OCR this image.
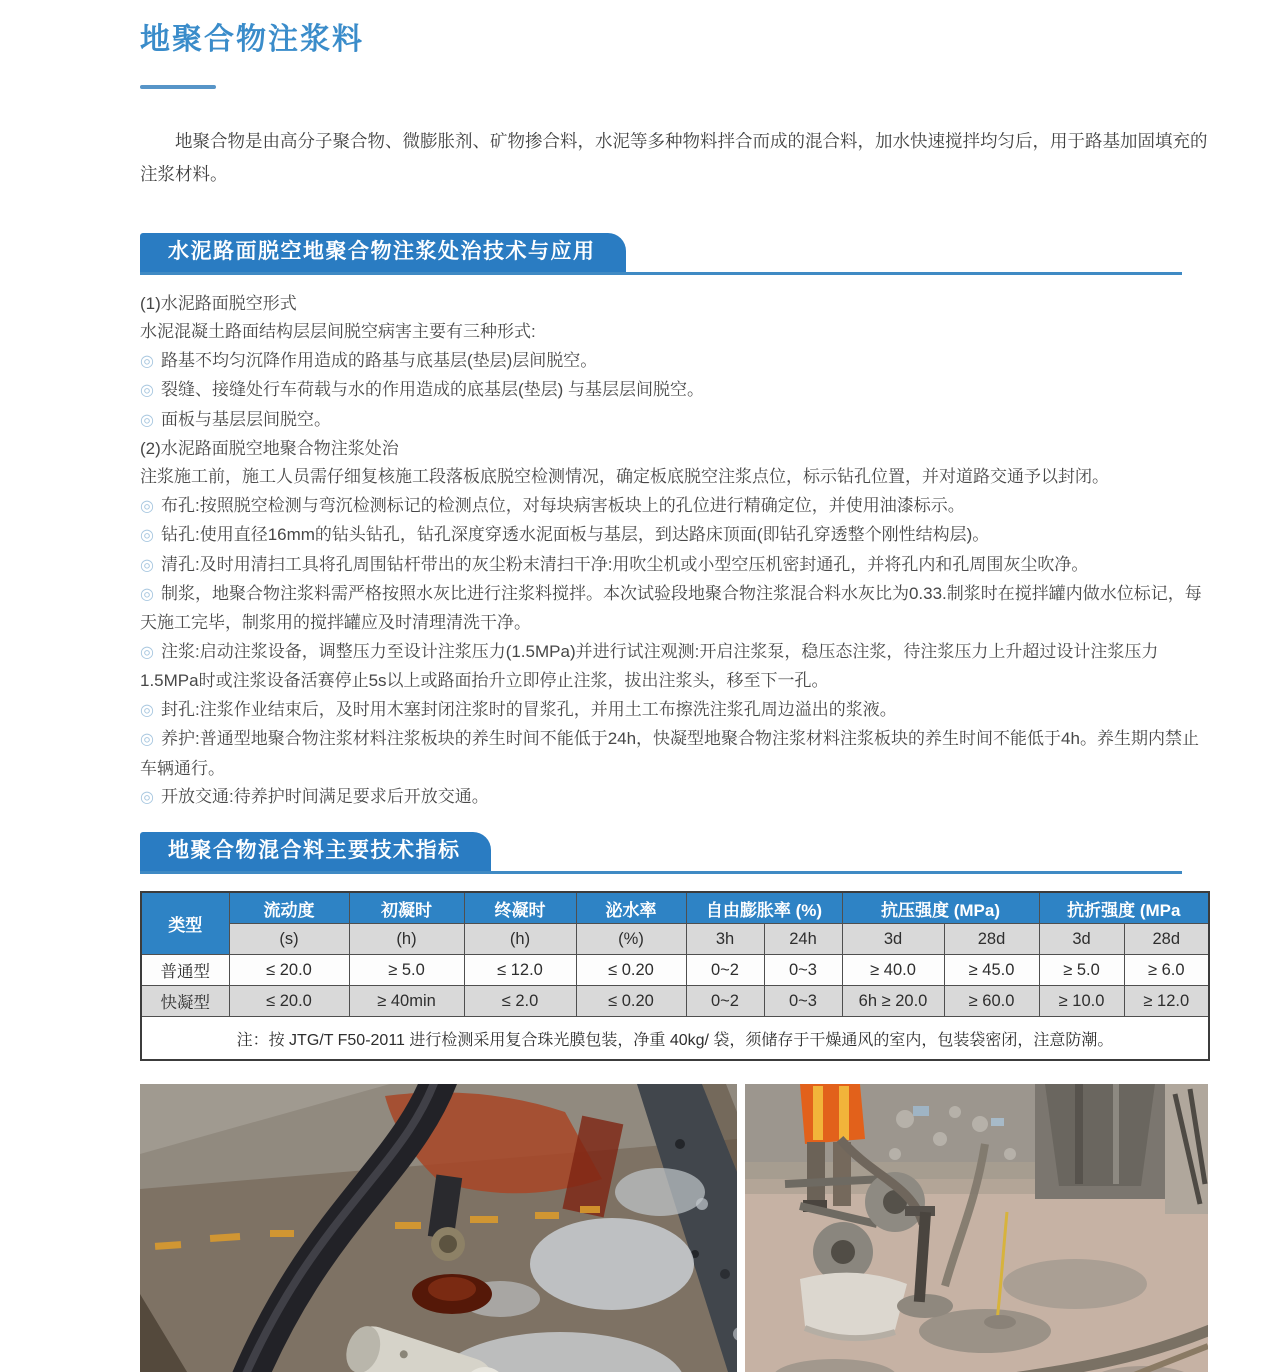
地聚合物注浆料

地聚合物是由高分子聚合物、微膨胀剂、矿物掺合料，水泥等多种物料拌合而成的混合料，加水快速搅拌均匀后，用于路基加固填充的注浆材料。

水泥路面脱空地聚合物注浆处治技术与应用

(1)水泥路面脱空形式

水泥混凝土路面结构层层间脱空病害主要有三种形式:

◎ 路基不均匀沉降作用造成的路基与底基层(垫层)层间脱空。

◎ 裂缝、接缝处行车荷载与水的作用造成的底基层(垫层) 与基层层间脱空。

◎ 面板与基层层间脱空。

(2)水泥路面脱空地聚合物注浆处治

注浆施工前，施工人员需仔细复核施工段落板底脱空检测情况，确定板底脱空注浆点位，标示钻孔位置，并对道路交通予以封闭。

◎ 布孔:按照脱空检测与弯沉检测标记的检测点位，对每块病害板块上的孔位进行精确定位，并使用油漆标示。

◎ 钻孔:使用直径16mm的钻头钻孔，钻孔深度穿透水泥面板与基层，到达路床顶面(即钻孔穿透整个刚性结构层)。

◎ 清孔:及时用清扫工具将孔周围钻杆带出的灰尘粉末清扫干净:用吹尘机或小型空压机密封通孔，并将孔内和孔周围灰尘吹净。

◎ 制浆，地聚合物注浆料需严格按照水灰比进行注浆料搅拌。本次试验段地聚合物注浆混合料水灰比为0.33.制浆时在搅拌罐内做水位标记，每天施工完毕，制浆用的搅拌罐应及时清理清洗干净。

◎ 注浆:启动注浆设备，调整压力至设计注浆压力(1.5MPa)并进行试注观测:开启注浆泵，稳压态注浆，待注浆压力上升超过设计注浆压力1.5MPa时或注浆设备活赛停止5s以上或路面抬升立即停止注浆，拔出注浆头，移至下一孔。

◎ 封孔:注浆作业结束后，及时用木塞封闭注浆时的冒浆孔，并用土工布擦洗注浆孔周边溢出的浆液。

◎ 养护:普通型地聚合物注浆材料注浆板块的养生时间不能低于24h，快凝型地聚合物注浆材料注浆板块的养生时间不能低于4h。养生期内禁止车辆通行。

◎ 开放交通:待养护时间满足要求后开放交通。

地聚合物混合料主要技术指标
类型	流动度	初凝时	终凝时	泌水率	自由膨胀率 (%)		抗压强度 (MPa)		抗折强度 (MPa	
	(s)	(h)	(h)	(%)	3h	24h	3d	28d	3d	28d
普通型	≤ 20.0	≥ 5.0	≤ 12.0	≤ 0.20	0~2	0~3	≥ 40.0	≥ 45.0	≥ 5.0	≥ 6.0
快凝型	≤ 20.0	≥ 40min	≤ 2.0	≤ 0.20	0~2	0~3	6h ≥ 20.0	≥ 60.0	≥ 10.0	≥ 12.0
注：按 JTG/T F50-2011 进行检测采用复合珠光膜包装，净重 40kg/ 袋，须储存于干燥通风的室内，包装袋密闭，注意防潮。										
